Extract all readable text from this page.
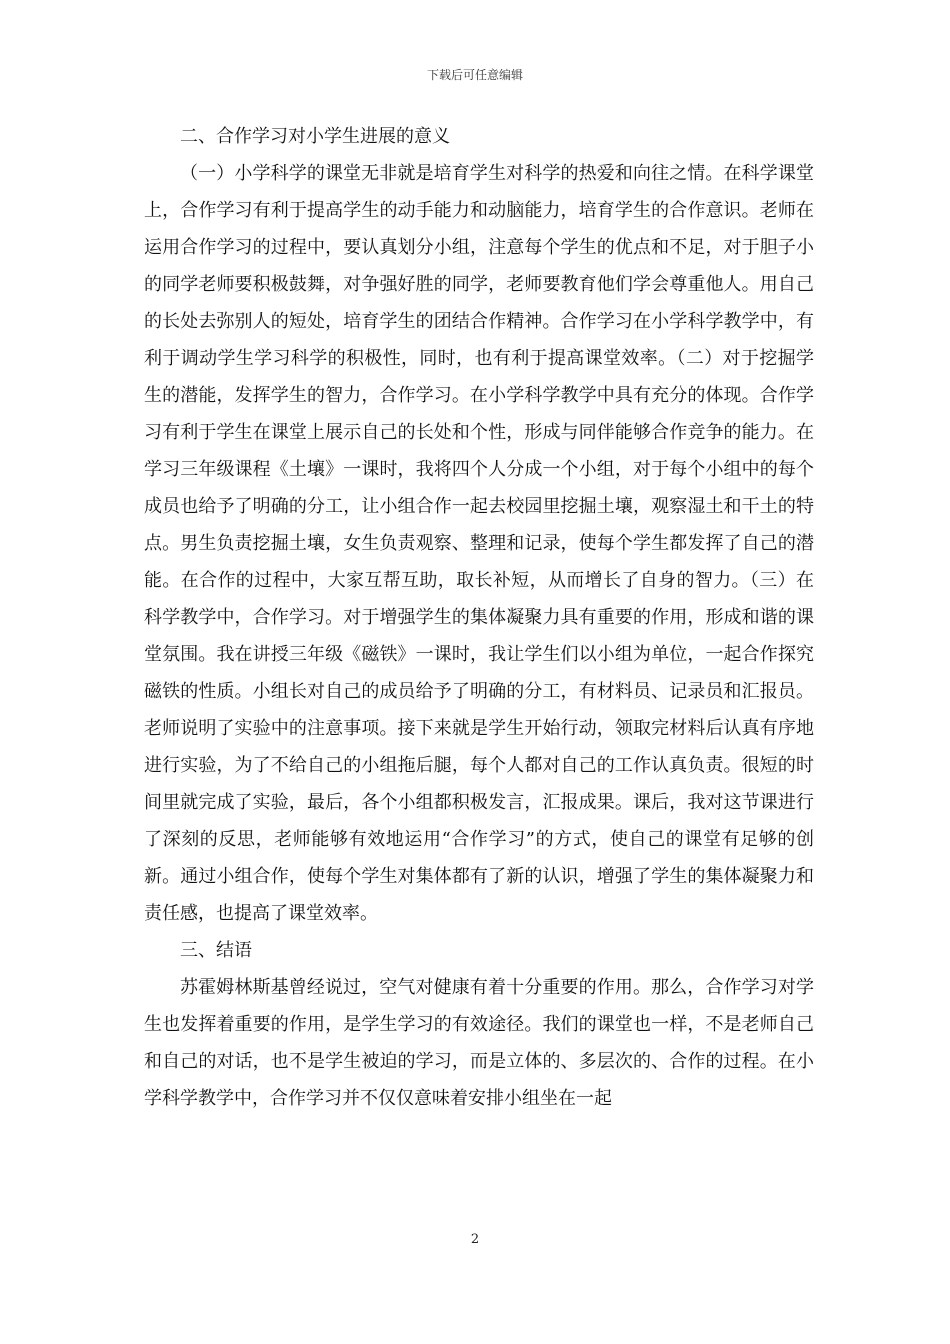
下载后可任意编辑

二、合作学习对小学生进展的意义

（一）小学科学的课堂无非就是培育学生对科学的热爱和向往之情。在科学课堂上，合作学习有利于提高学生的动手能力和动脑能力，培育学生的合作意识。老师在运用合作学习的过程中，要认真划分小组，注意每个学生的优点和不足，对于胆子小的同学老师要积极鼓舞，对争强好胜的同学，老师要教育他们学会尊重他人。用自己的长处去弥别人的短处，培育学生的团结合作精神。合作学习在小学科学教学中，有利于调动学生学习科学的积极性，同时，也有利于提高课堂效率。（二）对于挖掘学生的潜能，发挥学生的智力，合作学习。在小学科学教学中具有充分的体现。合作学习有利于学生在课堂上展示自己的长处和个性，形成与同伴能够合作竞争的能力。在学习三年级课程《土壤》一课时，我将四个人分成一个小组，对于每个小组中的每个成员也给予了明确的分工，让小组合作一起去校园里挖掘土壤，观察湿土和干土的特点。男生负责挖掘土壤，女生负责观察、整理和记录，使每个学生都发挥了自己的潜能。在合作的过程中，大家互帮互助，取长补短，从而增长了自身的智力。（三）在科学教学中，合作学习。对于增强学生的集体凝聚力具有重要的作用，形成和谐的课堂氛围。我在讲授三年级《磁铁》一课时，我让学生们以小组为单位，一起合作探究磁铁的性质。小组长对自己的成员给予了明确的分工，有材料员、记录员和汇报员。老师说明了实验中的注意事项。接下来就是学生开始行动，领取完材料后认真有序地进行实验，为了不给自己的小组拖后腿，每个人都对自己的工作认真负责。很短的时间里就完成了实验，最后，各个小组都积极发言，汇报成果。课后，我对这节课进行了深刻的反思，老师能够有效地运用“合作学习”的方式，使自己的课堂有足够的创新。通过小组合作，使每个学生对集体都有了新的认识，增强了学生的集体凝聚力和责任感，也提高了课堂效率。

三、结语

苏霍姆林斯基曾经说过，空气对健康有着十分重要的作用。那么，合作学习对学生也发挥着重要的作用，是学生学习的有效途径。我们的课堂也一样，不是老师自己和自己的对话，也不是学生被迫的学习，而是立体的、多层次的、合作的过程。在小学科学教学中，合作学习并不仅仅意味着安排小组坐在一起

2
